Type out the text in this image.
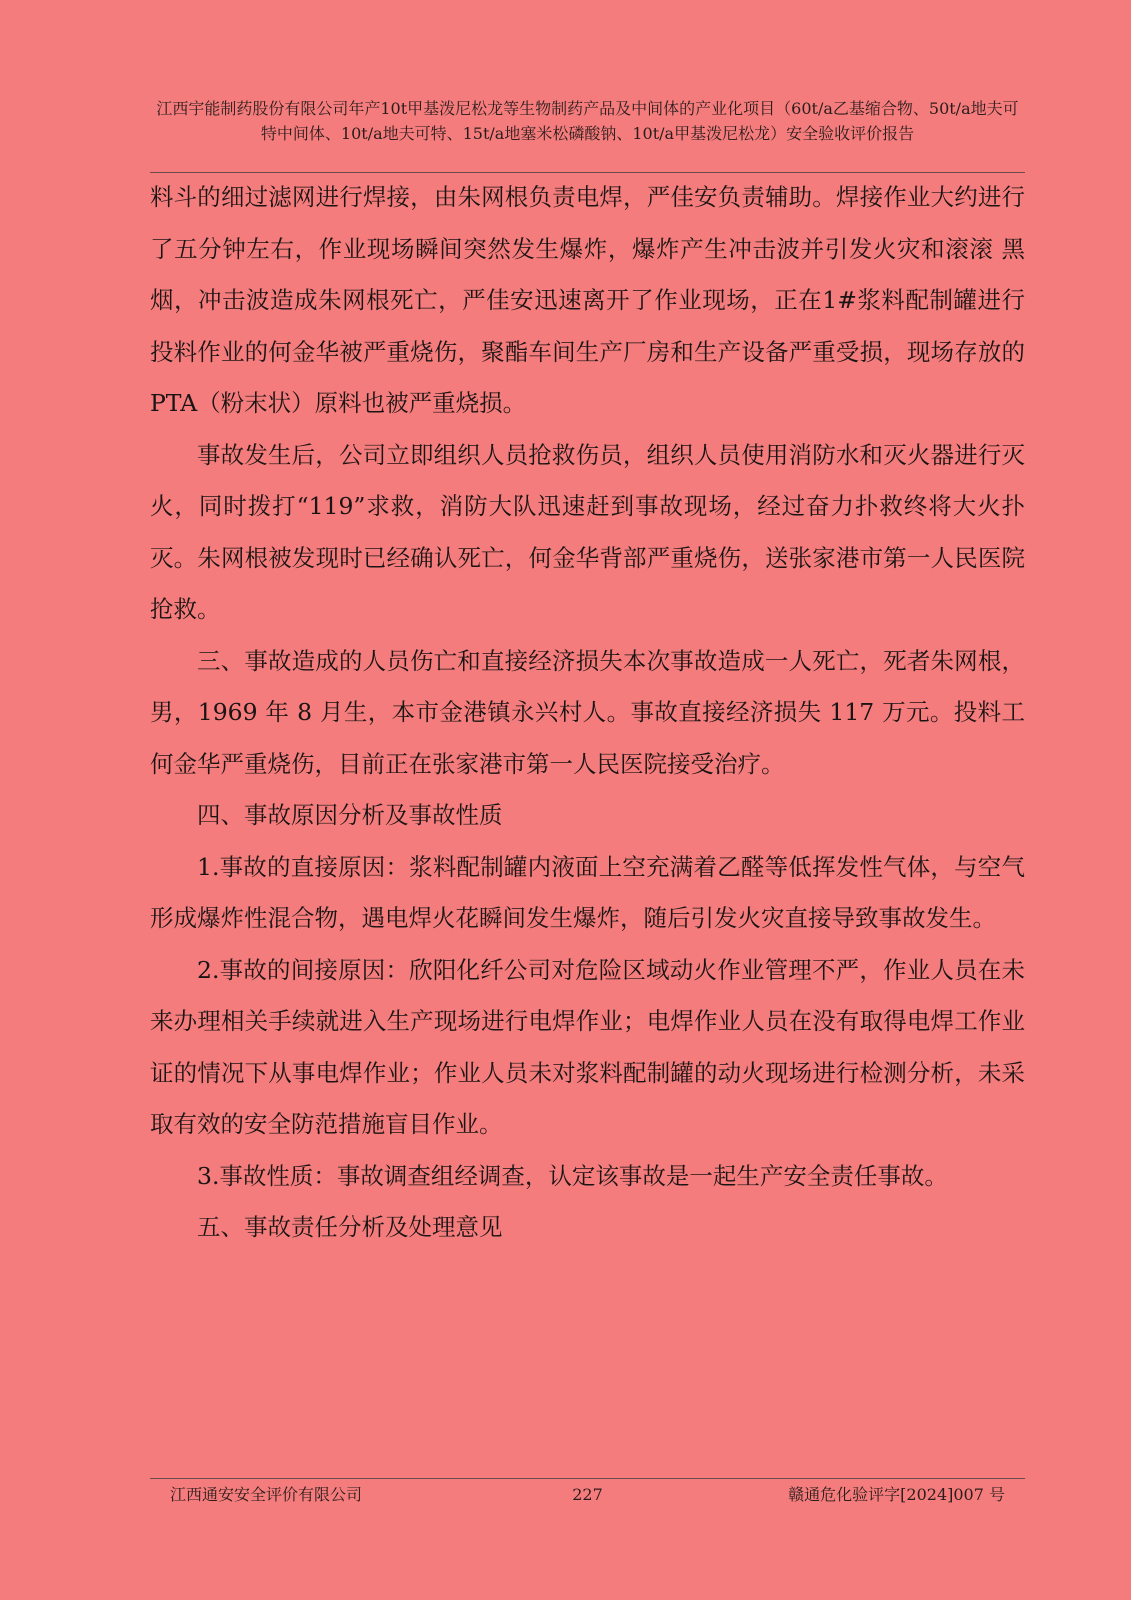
江西宇能制药股份有限公司年产10t甲基泼尼松龙等生物制药产品及中间体的产业化项目（60t/a乙基缩合物、50t/a地夫可特中间体、10t/a地夫可特、15t/a地塞米松磷酸钠、10t/a甲基泼尼松龙）安全验收评价报告

料斗的细过滤网进行焊接，由朱网根负责电焊，严佳安负责辅助。焊接作业大约进行了五分钟左右，作业现场瞬间突然发生爆炸，爆炸产生冲击波并引发火灾和滚滚 黑烟，冲击波造成朱网根死亡，严佳安迅速离开了作业现场，正在1#浆料配制罐进行投料作业的何金华被严重烧伤，聚酯车间生产厂房和生产设备严重受损，现场存放的PTA（粉末状）原料也被严重烧损。

事故发生后，公司立即组织人员抢救伤员，组织人员使用消防水和灭火器进行灭火，同时拨打“119”求救，消防大队迅速赶到事故现场，经过奋力扑救终将大火扑灭。朱网根被发现时已经确认死亡，何金华背部严重烧伤，送张家港市第一人民医院抢救。

三、事故造成的人员伤亡和直接经济损失本次事故造成一人死亡，死者朱网根，男，1969 年 8 月生，本市金港镇永兴村人。事故直接经济损失 117 万元。投料工何金华严重烧伤，目前正在张家港市第一人民医院接受治疗。

四、事故原因分析及事故性质

1.事故的直接原因：浆料配制罐内液面上空充满着乙醛等低挥发性气体，与空气形成爆炸性混合物，遇电焊火花瞬间发生爆炸，随后引发火灾直接导致事故发生。

2.事故的间接原因：欣阳化纤公司对危险区域动火作业管理不严，作业人员在未来办理相关手续就进入生产现场进行电焊作业；电焊作业人员在没有取得电焊工作业证的情况下从事电焊作业；作业人员未对浆料配制罐的动火现场进行检测分析，未采取有效的安全防范措施盲目作业。

3.事故性质：事故调查组经调查，认定该事故是一起生产安全责任事故。

五、事故责任分析及处理意见

江西通安安全评价有限公司	227	赣通危化验评字[2024]007 号
